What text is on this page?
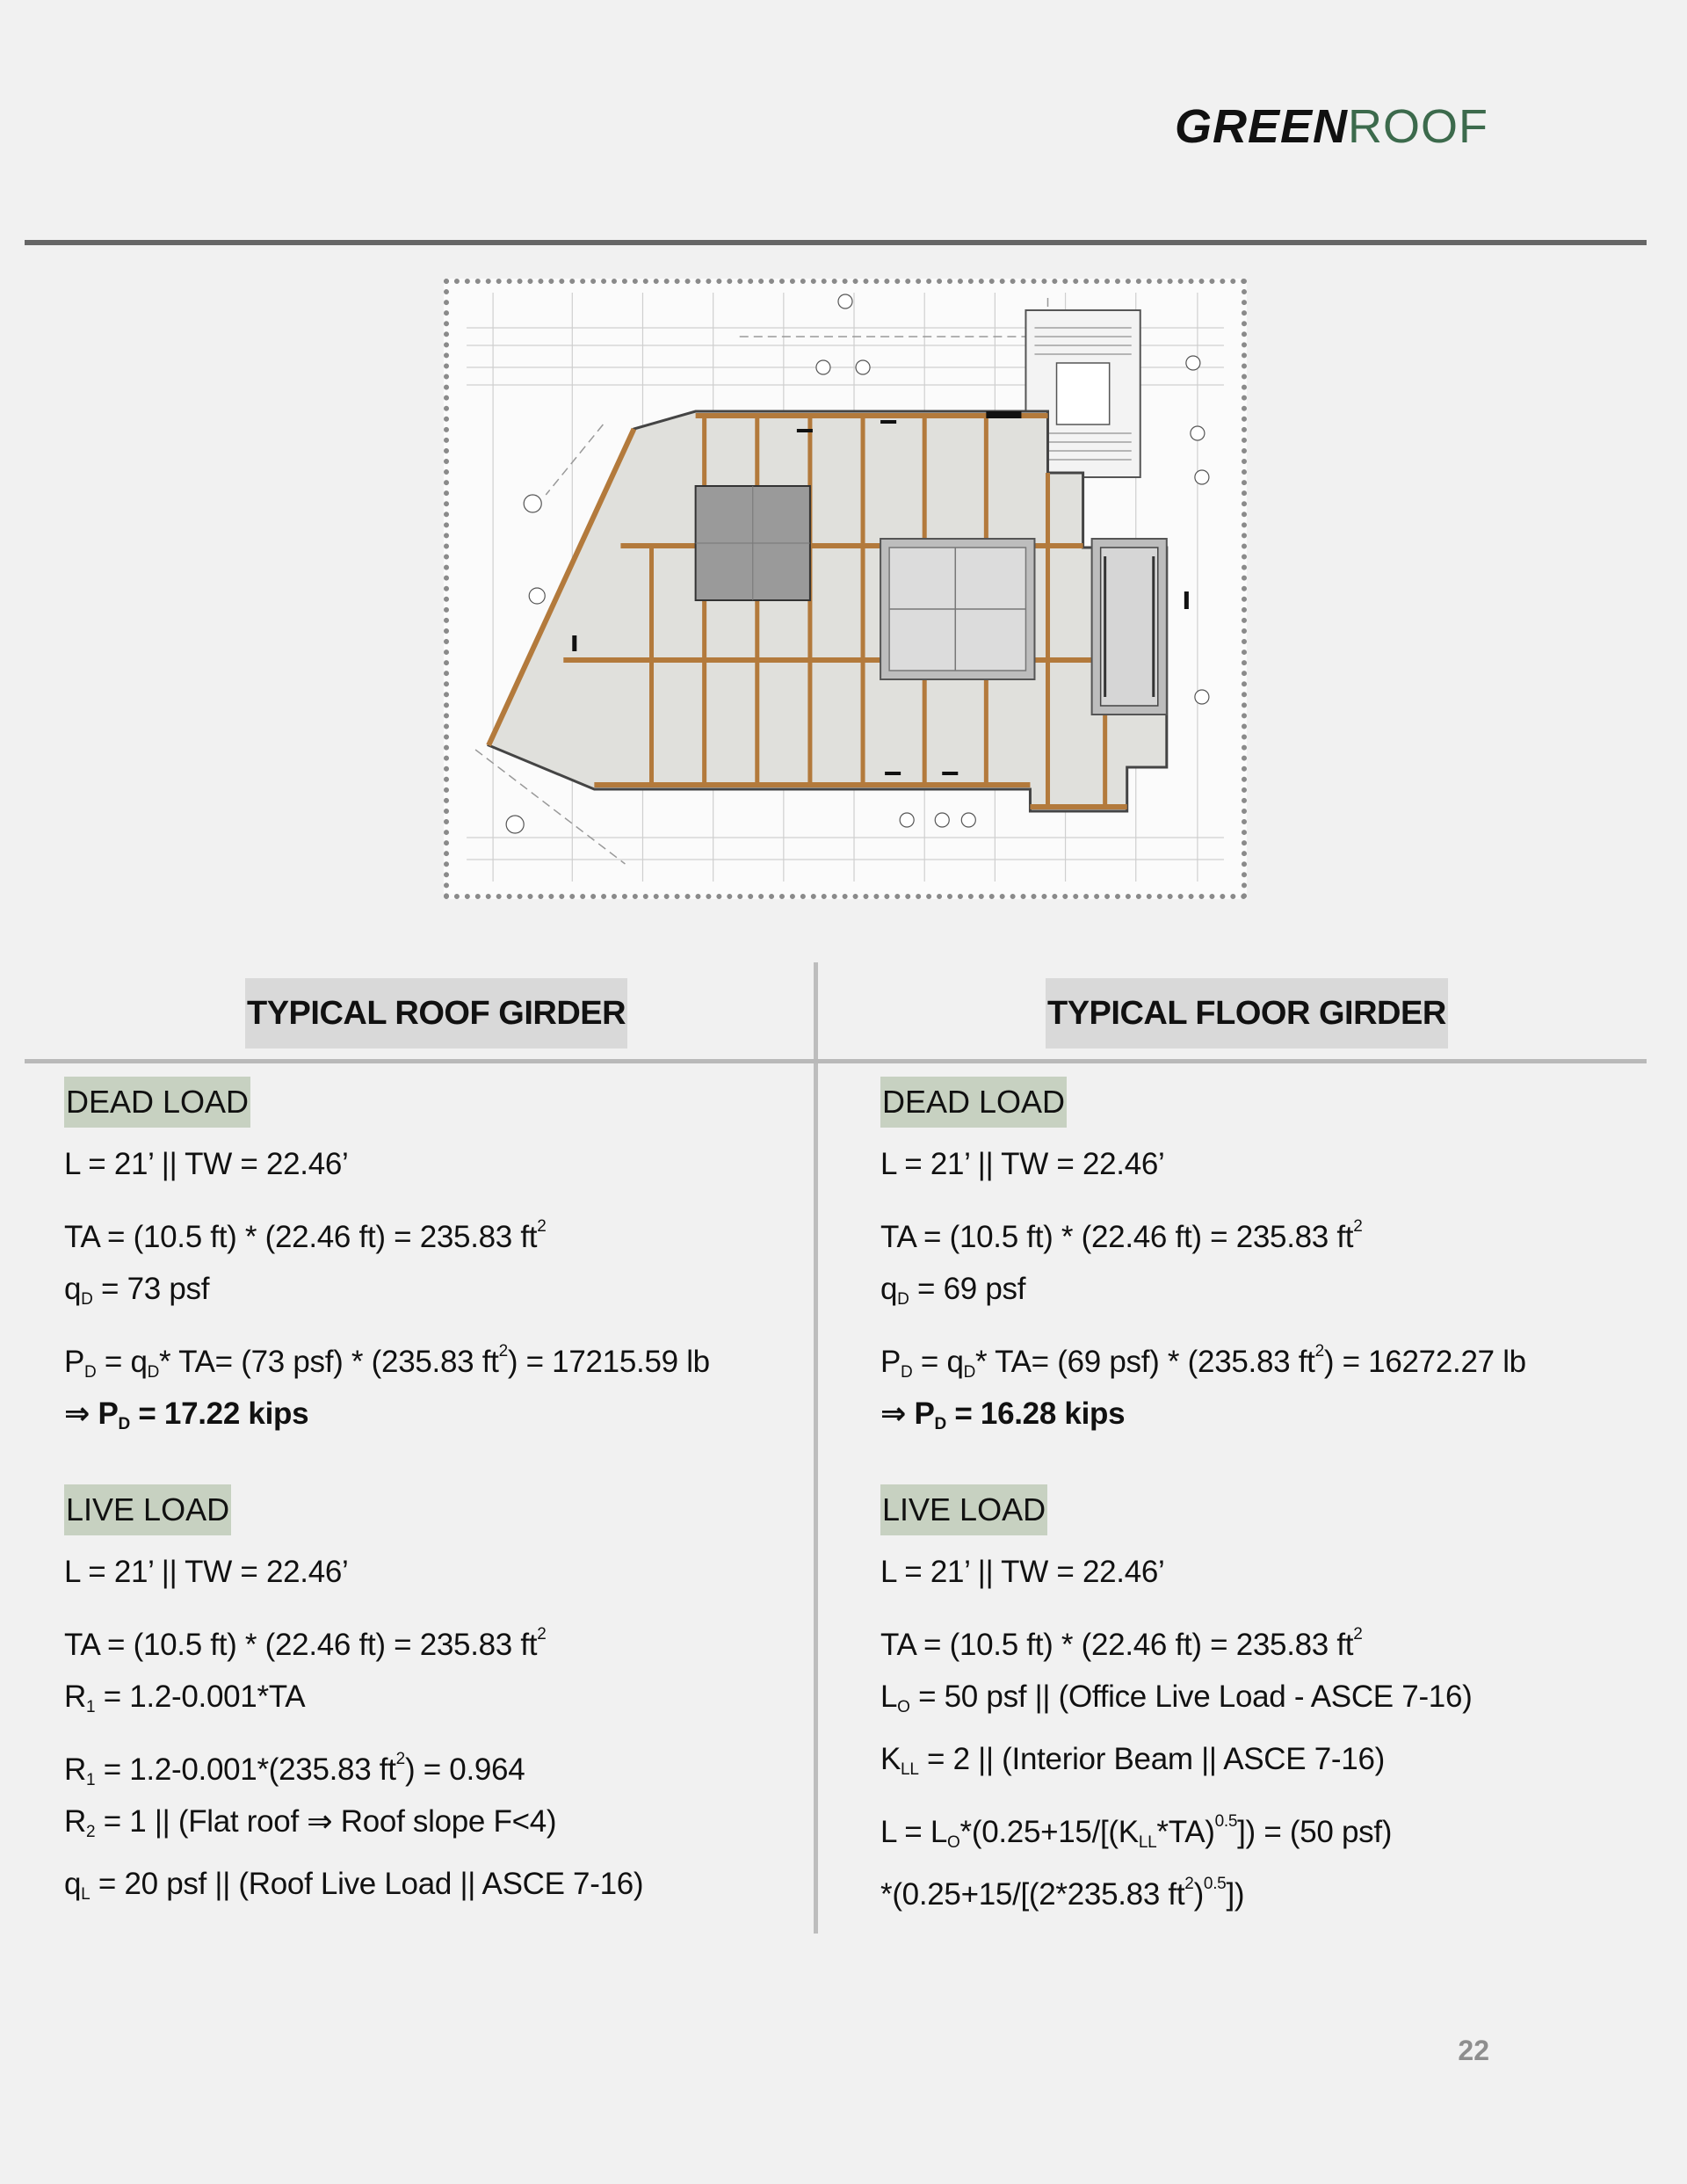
GREENROOF
TYPICAL ROOF GIRDER	TYPICAL FLOOR GIRDER
DEAD LOAD
L = 21’ || TW = 22.46’
TA = (10.5 ft) * (22.46 ft) = 235.83 $ft^2$
$q_D = 73$ psf
$P_D = q_D*$ TA= (73 psf) * (235.83 $ft^2) = 17215.59$ lb
⇒ $P_D = 17.22$ kips
LIVE LOAD
L = 21’ || TW = 22.46’
TA = (10.5 ft) * (22.46 ft) = 235.83 $ft^2$
$R_1 = 1.2-0.001*TA$
$R_1 = 1.2-0.001*(235.83$ $ft^2) = 0.964$
$R_2 = 1$ || (Flat roof ⇒ Roof slope F<4)
$q_L = 20$ psf || (Roof Live Load || ASCE 7-16)
DEAD LOAD
L = 21’ || TW = 22.46’
TA = (10.5 ft) * (22.46 ft) = 235.83 $ft^2$
$q_D = 69$ psf
$P_D = q_D*$ TA= (69 psf) * (235.83 $ft^2) = 16272.27$ lb
⇒ $P_D = 16.28$ kips
LIVE LOAD
L = 21’ || TW = 22.46’
TA = (10.5 ft) * (22.46 ft) = 235.83 $ft^2$
$L_O = 50$ psf || (Office Live Load - ASCE 7-16)
$K_{LL} = 2$ || (Interior Beam || ASCE 7-16)
$L = L_O*(0.25+15/[(K_{LL}*TA)^{0.5}]) = (50$ psf)
*(0.25+15/[(2*235.83 $ft^2)^{0.5}$])
22
